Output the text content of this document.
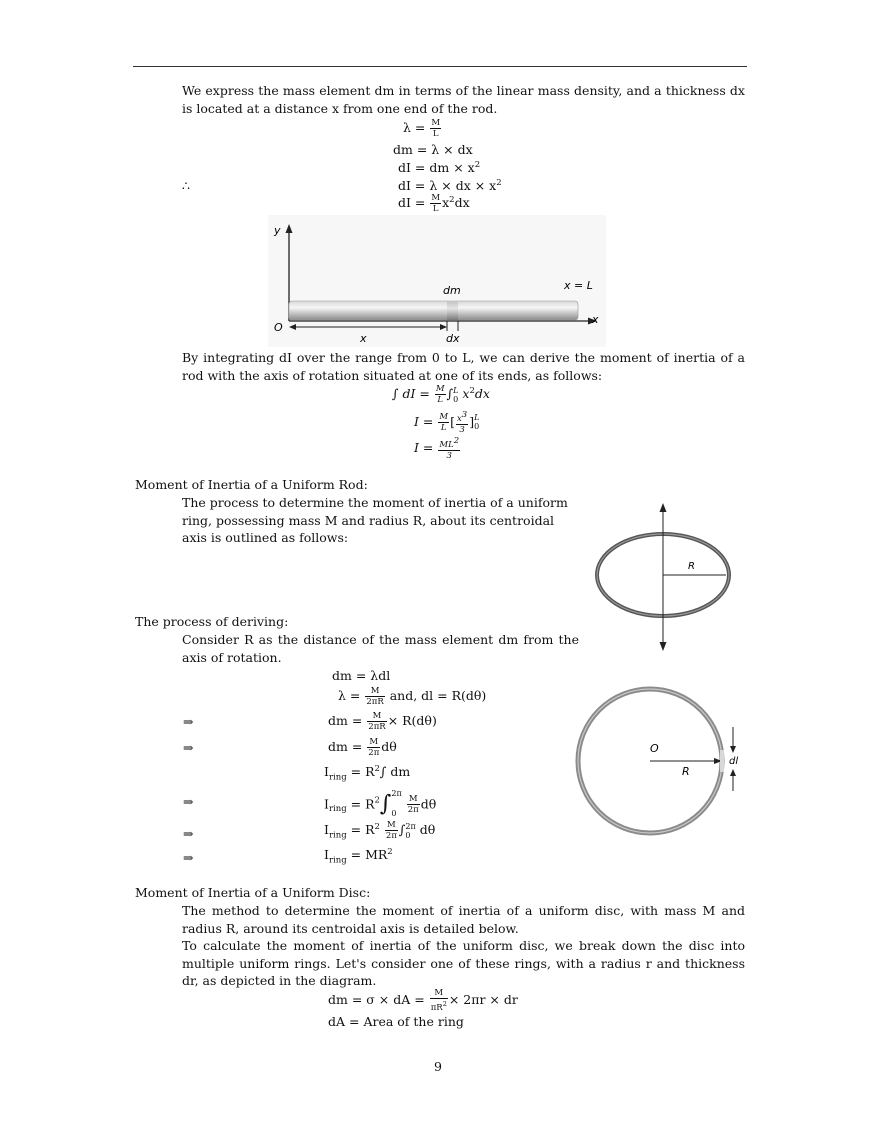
We express the mass element dm in terms of the linear mass density, and a thickness dx is located at a distance x from one end of the rod.
$\lambda = \frac{M}{L}$
dm = λ × dx
dI = dm × $x^2$
∴	dI = λ × dx × $x^2$
dI = $\frac{M}{L} x^2dx$
y
x
O
dm	x = L
x	dx
By integrating dI over the range from 0 to L, we can derive the moment of inertia of a rod with the axis of rotation situated at one of its ends, as follows:
∫ dI = $\frac{M}{L}$ ∫ L
0 $x^2dx$
$I = \frac{M}{L}$ [ $\frac{x^3}{3}$ ] L
0
$I = \frac{ML^2}{3}$
Moment of Inertia of a Uniform Rod:
The process to determine the moment of inertia of a uniform ring, possessing mass M and radius R, about its centroidal axis is outlined as follows:
R
The process of deriving:
Consider R as the distance of the mass element dm from the axis of rotation.
dm = λdl
$\lambda = \frac{M}{2\pi R}$ and, dl = R(dθ)
⇒	dm = $\frac{M}{2\pi R} \times R(d\theta)$
⇒	dm = $\frac{M}{2\pi}$ dθ
$I_{ring} = R^2\int$ dm
⇒	$I_{ring} = R^2\int$ 2π
0
	$\frac{M}{2\pi}$ dθ
⇒	$I_{ring} = R^2 \frac{M}{2\pi}$ ∫ 2π
0 dθ
⇒	$I_{ring} = MR^2$
O
R
dl
Moment of Inertia of a Uniform Disc:
The method to determine the moment of inertia of a uniform disc, with mass M and radius R, around its centroidal axis is detailed below.
To calculate the moment of inertia of the uniform disc, we break down the disc into multiple uniform rings. Let's consider one of these rings, with a radius r and thickness dr, as depicted in the diagram.
dm = σ × dA = $\frac{M}{\pi R^2} \times 2\pi r$ × dr
dA = Area of the ring
9
